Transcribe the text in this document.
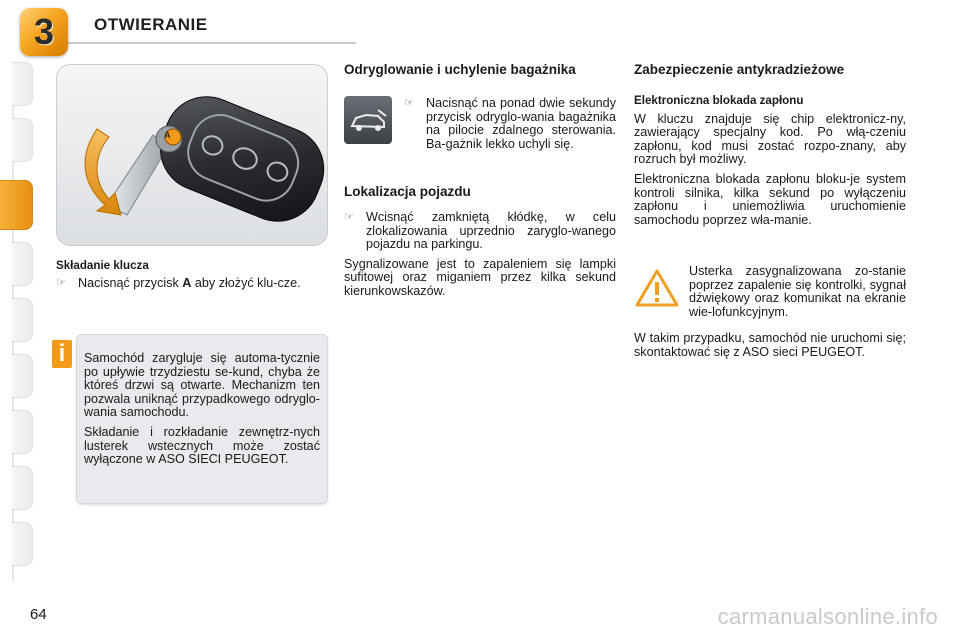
3 OTWIERANIE
A
Składanie klucza
☞ Nacisnąć przycisk A aby złożyć klu-cze.
i	Samochód zarygluje się automa-tycznie po upływie trzydziestu se-kund, chyba że któreś drzwi są otwarte. Mechanizm ten pozwala uniknąć przypadkowego odryglo-wania samochodu.

Składanie i rozkładanie zewnętrz-nych lusterek wstecznych może zostać wyłączone w ASO SIECI PEUGEOT.

Odryglowanie i uchylenie bagażnika
☞ Nacisnąć na ponad dwie sekundy przycisk odryglo-wania bagażnika na pilocie zdalnego sterowania. Ba-gażnik lekko uchyli się.
Lokalizacja pojazdu
☞ Wcisnąć zamkniętą kłódkę, w celu zlokalizowania uprzednio zaryglo-wanego pojazdu na parkingu.

Sygnalizowane jest to zapaleniem się lampki sufitowej oraz miganiem przez kilka sekund kierunkowskazów.

Zabezpieczenie antykradzieżowe
Elektroniczna blokada zapłonu

W kluczu znajduje się chip elektronicz-ny, zawierający specjalny kod. Po włą-czeniu zapłonu, kod musi zostać rozpo-znany, aby rozruch był możliwy.

Elektroniczna blokada zapłonu bloku-je system kontroli silnika, kilka sekund po wyłączeniu zapłonu i uniemożliwia uruchomienie samochodu poprzez wła-manie.

Usterka zasygnalizowana zo-stanie poprzez zapalenie się kontrolki, sygnał dźwiękowy oraz komunikat na ekranie wie-lofunkcyjnym.

W takim przypadku, samochód nie uruchomi się; skontaktować się z ASO sieci PEUGEOT.

64	carmanualsonline.info
